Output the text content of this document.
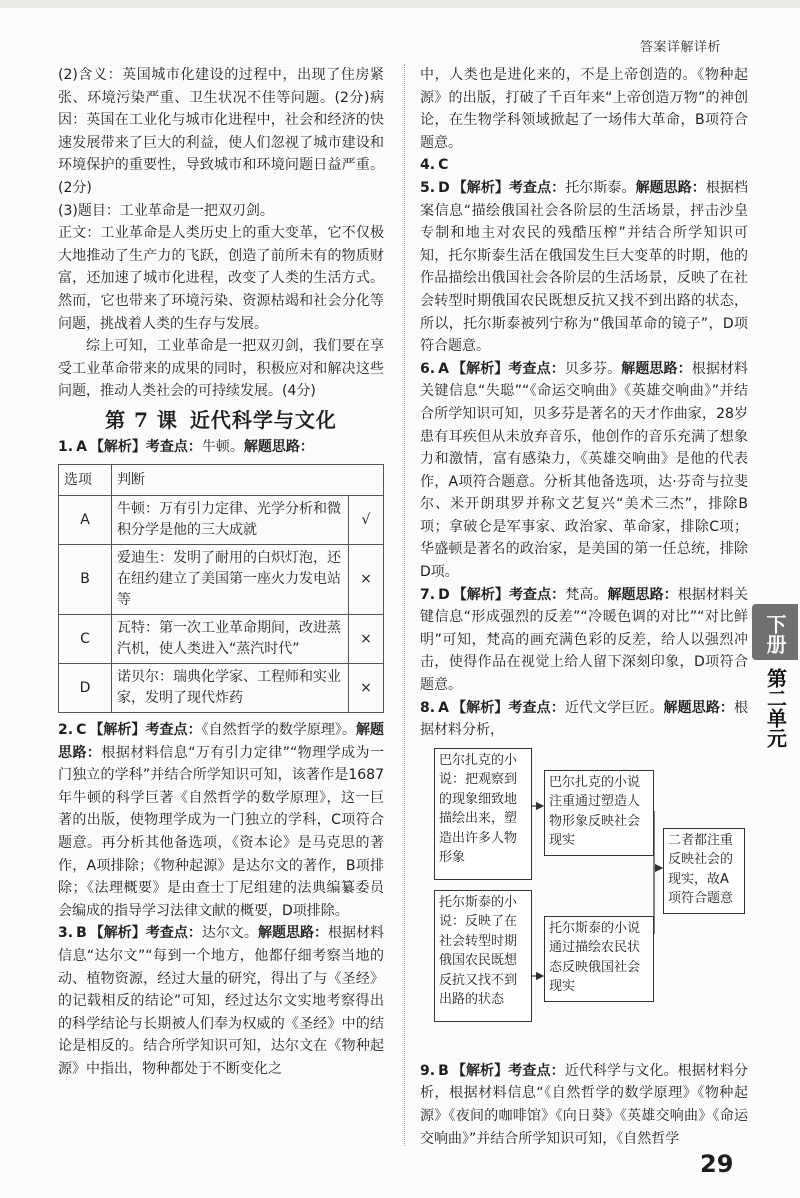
答案详解详析

(2)含义：英国城市化建设的过程中，出现了住房紧张、环境污染严重、卫生状况不佳等问题。(2分)病因：英国在工业化与城市化进程中，社会和经济的快速发展带来了巨大的利益，使人们忽视了城市建设和环境保护的重要性，导致城市和环境问题日益严重。(2分)

(3)题目：工业革命是一把双刃剑。

正文：工业革命是人类历史上的重大变革，它不仅极大地推动了生产力的飞跃，创造了前所未有的物质财富，还加速了城市化进程，改变了人类的生活方式。然而，它也带来了环境污染、资源枯竭和社会分化等问题，挑战着人类的生存与发展。

综上可知，工业革命是一把双刃剑，我们要在享受工业革命带来的成果的同时，积极应对和解决这些问题，推动人类社会的可持续发展。(4分)

第 7 课 近代科学与文化

1. A 【解析】考查点：牛顿。解题思路：

选项	判断	
A	牛顿：万有引力定律、光学分析和微积分学是他的三大成就	√
B	爱迪生：发明了耐用的白炽灯泡，还在纽约建立了美国第一座火力发电站等	×
C	瓦特：第一次工业革命期间，改进蒸汽机，使人类进入“蒸汽时代”	×
D	诺贝尔：瑞典化学家、工程师和实业家，发明了现代炸药	×

2. C 【解析】考查点：《自然哲学的数学原理》。解题思路：根据材料信息“万有引力定律”“物理学成为一门独立的学科”并结合所学知识可知，该著作是1687年牛顿的科学巨著《自然哲学的数学原理》，这一巨著的出版，使物理学成为一门独立的学科，C项符合题意。再分析其他备选项，《资本论》是马克思的著作，A项排除；《物种起源》是达尔文的著作，B项排除；《法理概要》是由查士丁尼组建的法典编纂委员会编成的指导学习法律文献的概要，D项排除。

3. B 【解析】考查点：达尔文。解题思路：根据材料信息“达尔文”“每到一个地方，他都仔细考察当地的动、植物资源，经过大量的研究，得出了与《圣经》的记载相反的结论”可知，经过达尔文实地考察得出的科学结论与长期被人们奉为权威的《圣经》中的结论是相反的。结合所学知识可知，达尔文在《物种起源》中指出，物种都处于不断变化之

中，人类也是进化来的，不是上帝创造的。《物种起源》的出版，打破了千百年来“上帝创造万物”的神创论，在生物学科领域掀起了一场伟大革命，B项符合题意。

4. C

5. D 【解析】考查点：托尔斯泰。解题思路：根据档案信息“描绘俄国社会各阶层的生活场景，抨击沙皇专制和地主对农民的残酷压榨”并结合所学知识可知，托尔斯泰生活在俄国发生巨大变革的时期，他的作品描绘出俄国社会各阶层的生活场景，反映了在社会转型时期俄国农民既想反抗又找不到出路的状态，所以，托尔斯泰被列宁称为“俄国革命的镜子”，D项符合题意。

6. A 【解析】考查点：贝多芬。解题思路：根据材料关键信息“失聪”“《命运交响曲》《英雄交响曲》”并结合所学知识可知，贝多芬是著名的天才作曲家，28岁患有耳疾但从未放弃音乐，他创作的音乐充满了想象力和激情，富有感染力，《英雄交响曲》是他的代表作，A项符合题意。分析其他备选项，达·芬奇与拉斐尔、米开朗琪罗并称文艺复兴“美术三杰”，排除B项；拿破仑是军事家、政治家、革命家，排除C项；华盛顿是著名的政治家，是美国的第一任总统，排除D项。

7. D 【解析】考查点：梵高。解题思路：根据材料关键信息“形成强烈的反差”“冷暖色调的对比”“对比鲜明”可知，梵高的画充满色彩的反差，给人以强烈冲击，使得作品在视觉上给人留下深刻印象，D项符合题意。

8. A 【解析】考查点：近代文学巨匠。解题思路：根据材料分析，

巴尔扎克的小说：把观察到的现象细致地描绘出来，塑造出许多人物形象
巴尔扎克的小说注重通过塑造人物形象反映社会现实
托尔斯泰的小说：反映了在社会转型时期俄国农民既想反抗又找不到出路的状态
托尔斯泰的小说通过描绘农民状态反映俄国社会现实
二者都注重反映社会的现实，故A项符合题意

9. B 【解析】考查点：近代科学与文化。根据材料分析，根据材料信息“《自然哲学的数学原理》《物种起源》《夜间的咖啡馆》《向日葵》《英雄交响曲》《命运交响曲》”并结合所学知识可知，《自然哲学

下册
第二单元
29
